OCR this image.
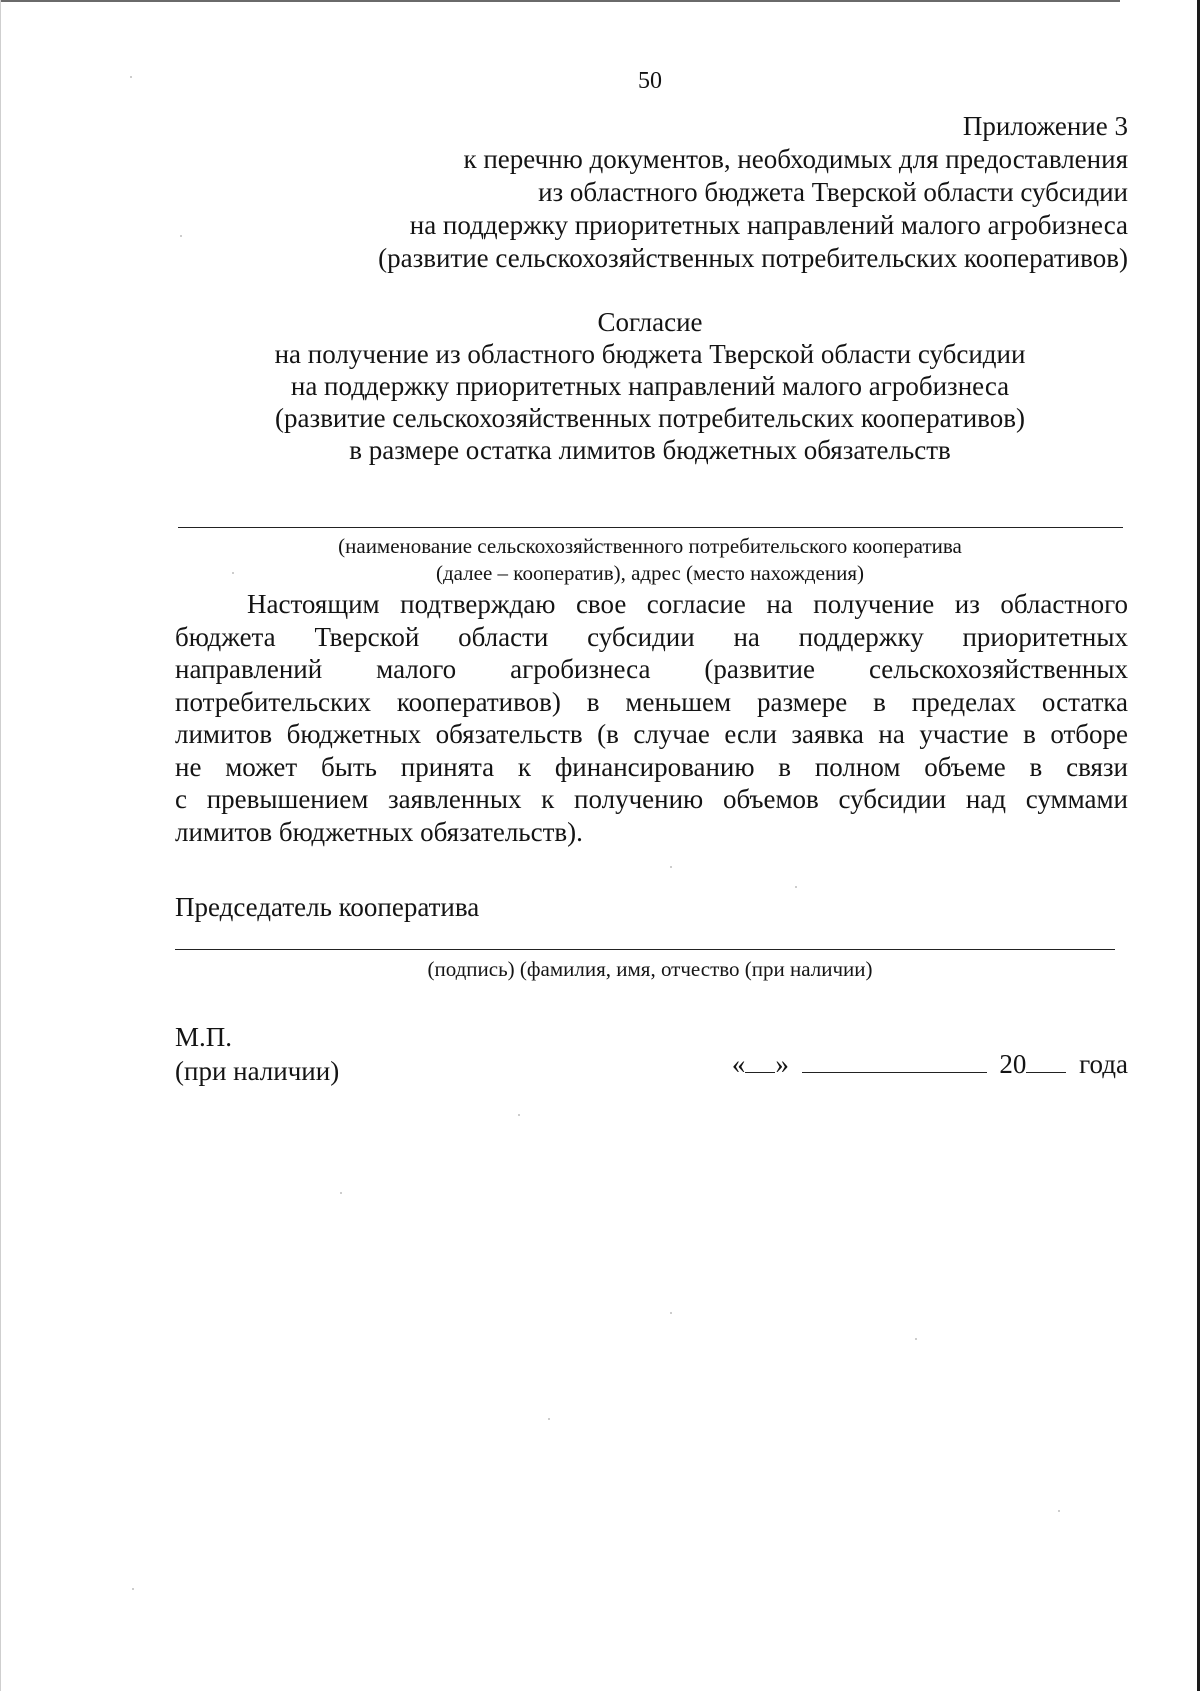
50
Приложение 3
к перечню документов, необходимых для предоставления
из областного бюджета Тверской области субсидии
на поддержку приоритетных направлений малого агробизнеса
(развитие сельскохозяйственных потребительских кооперативов)
Согласие
на получение из областного бюджета Тверской области субсидии
на поддержку приоритетных направлений малого агробизнеса
(развитие сельскохозяйственных потребительских кооперативов)
в размере остатка лимитов бюджетных обязательств
(наименование сельскохозяйственного потребительского кооператива
(далее – кооператив), адрес (место нахождения)
Настоящим подтверждаю свое согласие на получение из областного
бюджета Тверской области субсидии на поддержку приоритетных
направлений малого агробизнеса (развитие сельскохозяйственных
потребительских кооперативов) в меньшем размере в пределах остатка
лимитов бюджетных обязательств (в случае если заявка на участие в отборе
не может быть принята к финансированию в полном объеме в связи
с превышением заявленных к получению объемов субсидии над суммами
лимитов бюджетных обязательств).
Председатель кооператива
(подпись) (фамилия, имя, отчество (при наличии)
М.П.
(при наличии)	« »	20 года
